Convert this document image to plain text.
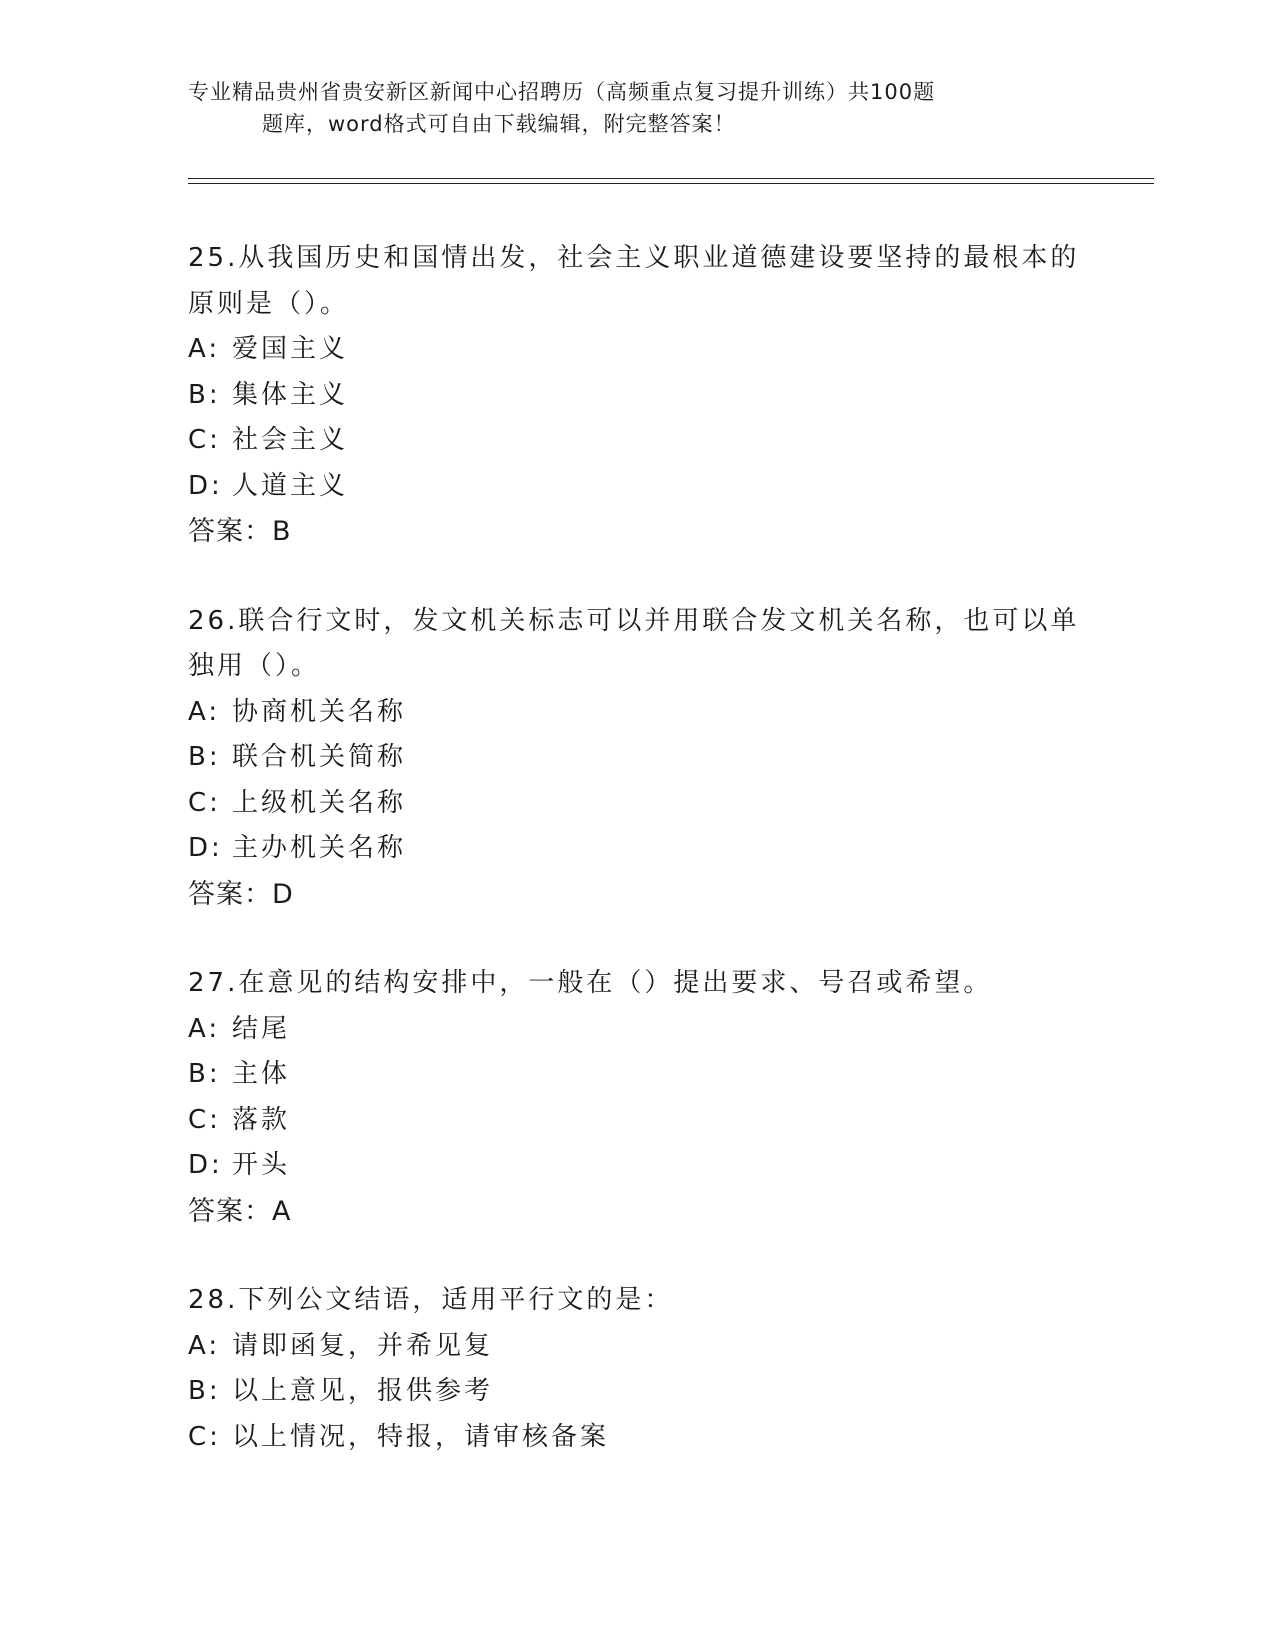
专业精品贵州省贵安新区新闻中心招聘历（高频重点复习提升训练）共100题
题库，word格式可自由下载编辑，附完整答案！

25.从我国历史和国情出发，社会主义职业道德建设要坚持的最根本的原则是（）。

A: 爱国主义
B: 集体主义
C: 社会主义
D: 人道主义
答案：B

26.联合行文时，发文机关标志可以并用联合发文机关名称，也可以单独用（）。

A: 协商机关名称
B: 联合机关简称
C: 上级机关名称
D: 主办机关名称
答案：D

27.在意见的结构安排中，一般在（）提出要求、号召或希望。

A: 结尾
B: 主体
C: 落款
D: 开头
答案：A

28.下列公文结语，适用平行文的是：

A: 请即函复，并希见复
B: 以上意见，报供参考
C: 以上情况，特报，请审核备案
